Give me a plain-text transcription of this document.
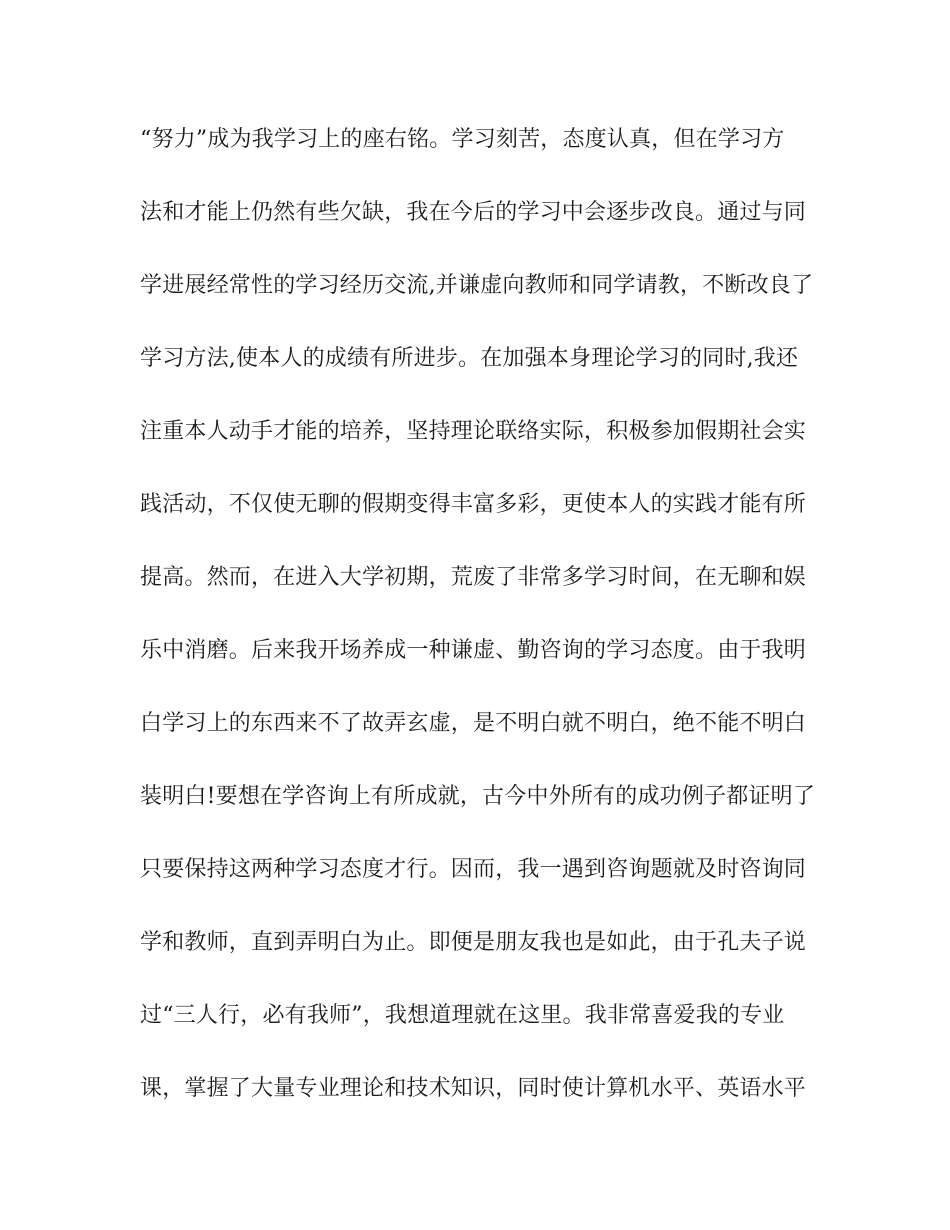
“努力”成为我学习上的座右铭。学习刻苦，态度认真，但在学习方
法和才能上仍然有些欠缺，我在今后的学习中会逐步改良。通过与同
学进展经常性的学习经历交流,并谦虚向教师和同学请教，不断改良了
学习方法,使本人的成绩有所进步。在加强本身理论学习的同时,我还
注重本人动手才能的培养，坚持理论联络实际，积极参加假期社会实
践活动，不仅使无聊的假期变得丰富多彩，更使本人的实践才能有所
提高。然而，在进入大学初期，荒废了非常多学习时间，在无聊和娱
乐中消磨。后来我开场养成一种谦虚、勤咨询的学习态度。由于我明
白学习上的东西来不了故弄玄虚，是不明白就不明白，绝不能不明白
装明白!要想在学咨询上有所成就，古今中外所有的成功例子都证明了
只要保持这两种学习态度才行。因而，我一遇到咨询题就及时咨询同
学和教师，直到弄明白为止。即便是朋友我也是如此，由于孔夫子说
过“三人行，必有我师”，我想道理就在这里。我非常喜爱我的专业
课，掌握了大量专业理论和技术知识，同时使计算机水平、英语水平
